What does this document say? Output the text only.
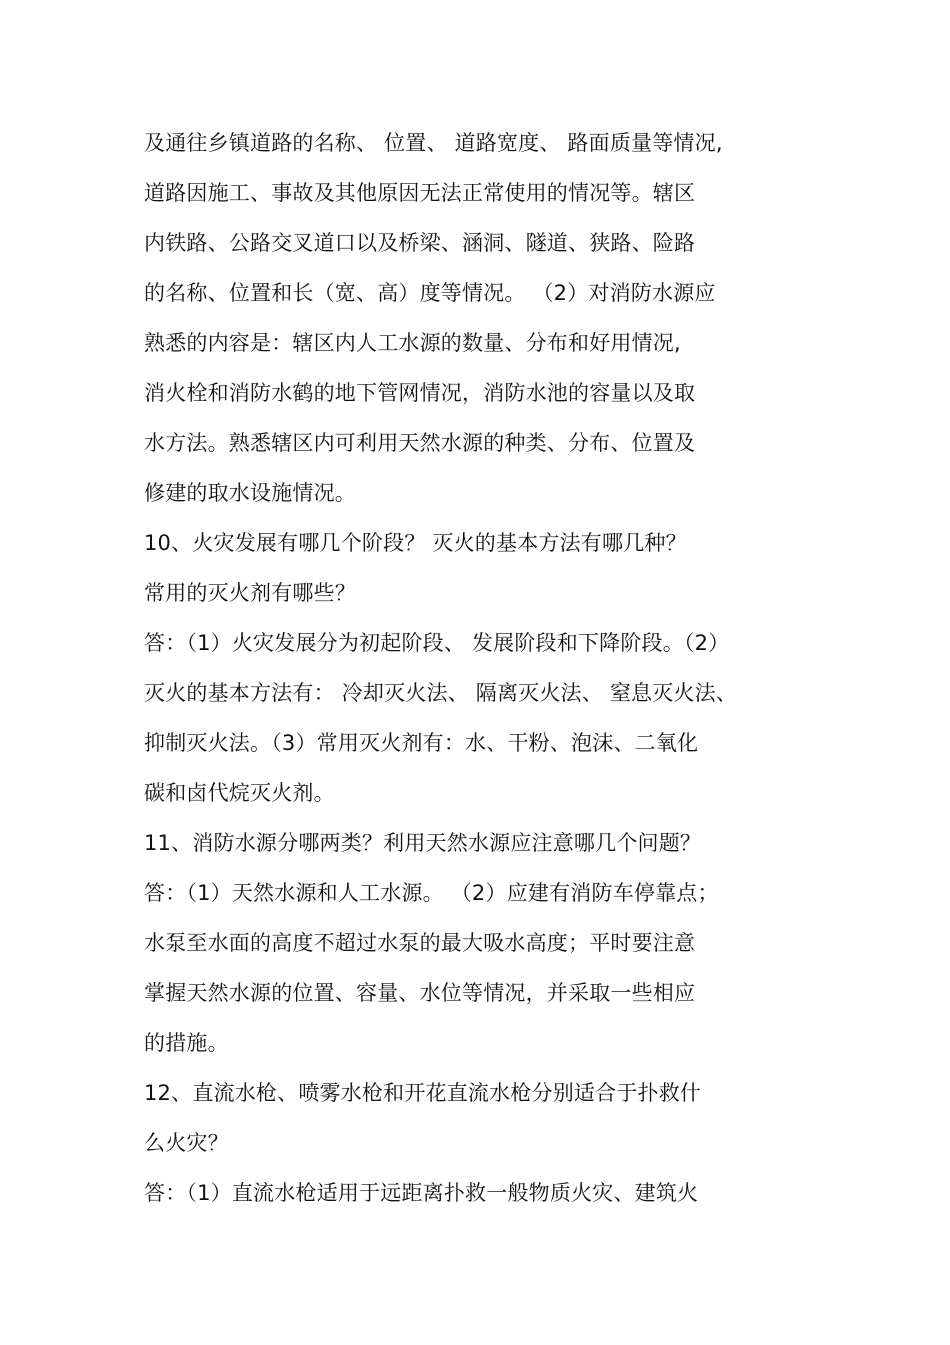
及通往乡镇道路的名称、 位置、 道路宽度、 路面质量等情况,
道路因施工、事故及其他原因无法正常使用的情况等。辖区
内铁路、公路交叉道口以及桥梁、涵洞、隧道、狭路、险路
的名称、位置和长（宽、高）度等情况。 （2）对消防水源应
熟悉的内容是：辖区内人工水源的数量、分布和好用情况,
消火栓和消防水鹤的地下管网情况，消防水池的容量以及取
水方法。熟悉辖区内可利用天然水源的种类、分布、位置及
修建的取水设施情况。
10、火灾发展有哪几个阶段？ 灭火的基本方法有哪几种？
常用的灭火剂有哪些？
答：（1）火灾发展分为初起阶段、 发展阶段和下降阶段。（2）
灭火的基本方法有： 冷却灭火法、 隔离灭火法、 窒息灭火法、
抑制灭火法。（3）常用灭火剂有：水、干粉、泡沫、二氧化
碳和卤代烷灭火剂。
11、消防水源分哪两类？利用天然水源应注意哪几个问题？
答：（1）天然水源和人工水源。 （2）应建有消防车停靠点；
水泵至水面的高度不超过水泵的最大吸水高度；平时要注意
掌握天然水源的位置、容量、水位等情况，并采取一些相应
的措施。
12、直流水枪、喷雾水枪和开花直流水枪分别适合于扑救什
么火灾？
答：（1）直流水枪适用于远距离扑救一般物质火灾、建筑火
